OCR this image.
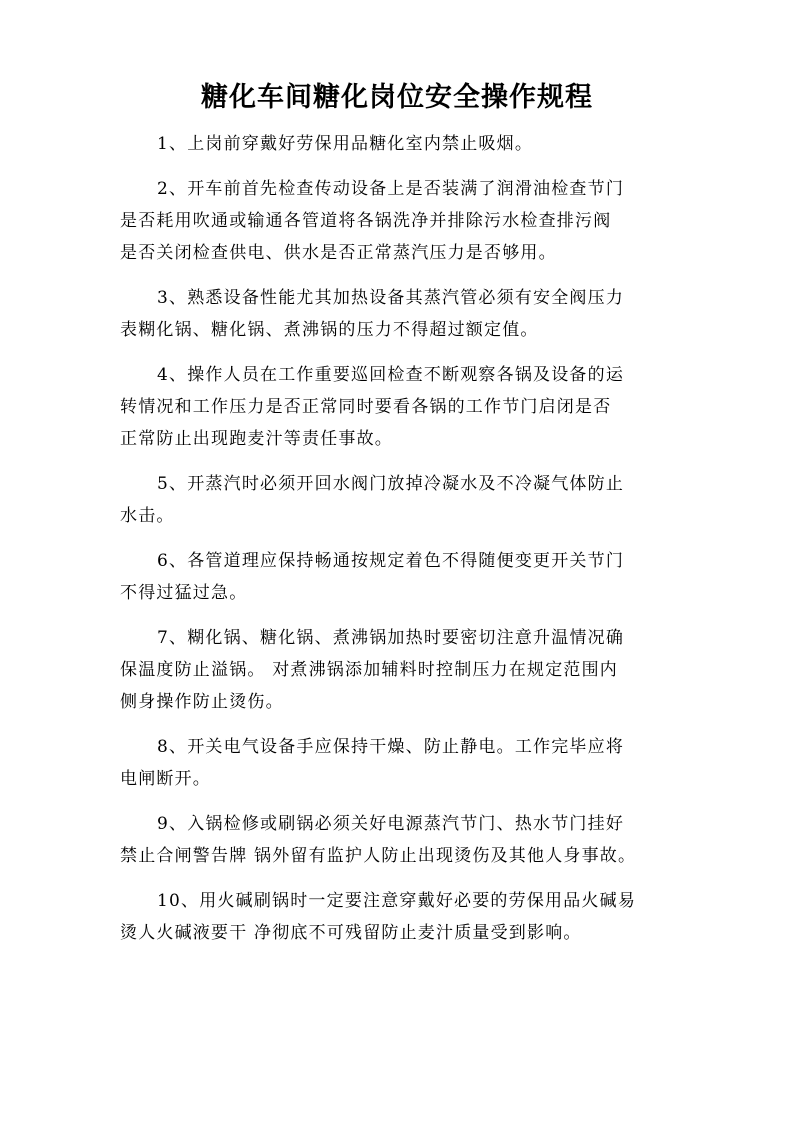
糖化车间糖化岗位安全操作规程

1、上岗前穿戴好劳保用品糖化室内禁止吸烟。

2、开车前首先检查传动设备上是否装满了润滑油检查节门
是否耗用吹通或输通各管道将各锅洗净并排除污水检查排污阀
是否关闭检查供电、供水是否正常蒸汽压力是否够用。

3、熟悉设备性能尤其加热设备其蒸汽管必须有安全阀压力
表糊化锅、糖化锅、煮沸锅的压力不得超过额定值。

4、操作人员在工作重要巡回检查不断观察各锅及设备的运
转情况和工作压力是否正常同时要看各锅的工作节门启闭是否
正常防止出现跑麦汁等责任事故。

5、开蒸汽时必须开回水阀门放掉冷凝水及不冷凝气体防止
水击。

6、各管道理应保持畅通按规定着色不得随便变更开关节门
不得过猛过急。

7、糊化锅、糖化锅、煮沸锅加热时要密切注意升温情况确
保温度防止溢锅。 对煮沸锅添加辅料时控制压力在规定范围内
侧身操作防止烫伤。

8、开关电气设备手应保持干燥、防止静电。工作完毕应将
电闸断开。

9、入锅检修或刷锅必须关好电源蒸汽节门、热水节门挂好
禁止合闸警告牌 锅外留有监护人防止出现烫伤及其他人身事故。

10、用火碱刷锅时一定要注意穿戴好必要的劳保用品火碱易
烫人火碱液要干 净彻底不可残留防止麦汁质量受到影响。
